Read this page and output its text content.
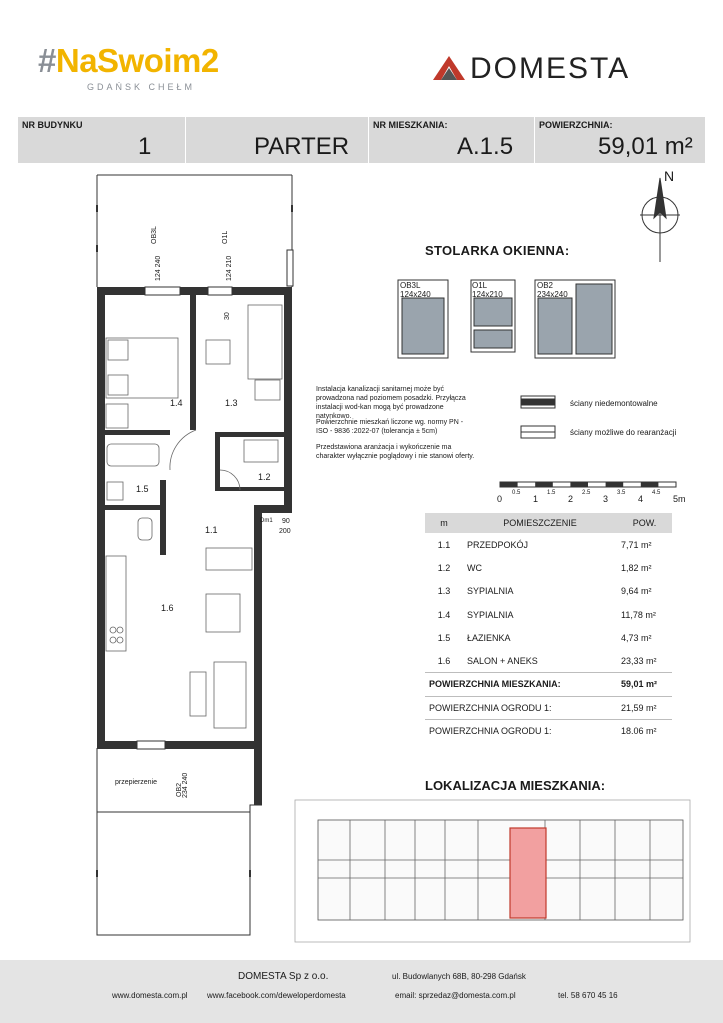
#NaSwoim2
GDAŃSK CHEŁM
DOMESTA
NR BUDYNKU
1	PARTER
NR MIESZKANIA:
A.1.5
POWIERZCHNIA:
59,01 m²
1.4	1.3
1.2
1.5
1.1
1.6
OB3L	O1L
OB2
124 240
124 210
234 240
30
Dm1 90
200
przepierzenie
N
STOLARKA OKIENNA:
OB3L
124x240
O1L
124x210
OB2
234x240
Instalacja kanalizacji sanitarnej może być prowadzona nad poziomem posadzki. Przyłącza instalacji wod-kan mogą być prowadzone natynkowo.
Powierzchnie mieszkań liczone wg. normy PN - ISO - 9836 :2022-07 (tolerancja ± 5cm)
Przedstawiona aranżacja i wykończenie ma charakter wyłącznie poglądowy i nie stanowi oferty.
ściany niedemontowalne
ściany możliwe do rearanżacji
0
0.5
1
1.5
2
2.5
3
3.5
4
4.5
5m
m	POMIESZCZENIE	POW.
1.1	PRZEDPOKÓJ	7,71 m²
1.2	WC	1,82 m²
1.3	SYPIALNIA	9,64 m²
1.4	SYPIALNIA	11,78 m²
1.5	ŁAZIENKA	4,73 m²
1.6	SALON + ANEKS	23,33 m²
POWIERZCHNIA MIESZKANIA:		59,01 m²
POWIERZCHNIA OGRODU 1:		21,59 m²
POWIERZCHNIA OGRODU 1:		18.06 m²
LOKALIZACJA MIESZKANIA:
DOMESTA Sp z o.o.	ul. Budowlanych 68B, 80-298 Gdańsk
www.domesta.com.pl www.facebook.com/deweloperdomesta	email: sprzedaz@domesta.com.pl	tel. 58 670 45 16
